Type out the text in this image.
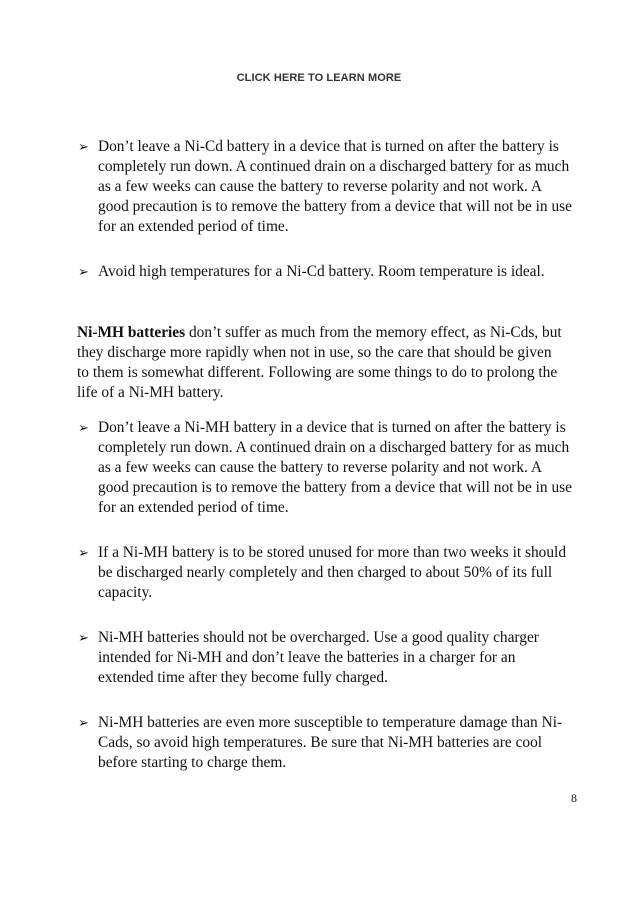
CLICK HERE TO LEARN MORE
➢ Don’t leave a Ni-Cd battery in a device that is turned on after the battery is completely run down. A continued drain on a discharged battery for as much as a few weeks can cause the battery to reverse polarity and not work. A good precaution is to remove the battery from a device that will not be in use for an extended period of time.
➢ Avoid high temperatures for a Ni-Cd battery. Room temperature is ideal.

Ni-MH batteries don’t suffer as much from the memory effect, as Ni-Cds, but they discharge more rapidly when not in use, so the care that should be given to them is somewhat different. Following are some things to do to prolong the life of a Ni-MH battery.

➢ Don’t leave a Ni-MH battery in a device that is turned on after the battery is completely run down. A continued drain on a discharged battery for as much as a few weeks can cause the battery to reverse polarity and not work. A good precaution is to remove the battery from a device that will not be in use for an extended period of time.
➢ If a Ni-MH battery is to be stored unused for more than two weeks it should be discharged nearly completely and then charged to about 50% of its full capacity.
➢ Ni-MH batteries should not be overcharged. Use a good quality charger intended for Ni-MH and don’t leave the batteries in a charger for an extended time after they become fully charged.
➢ Ni-MH batteries are even more susceptible to temperature damage than Ni-Cads, so avoid high temperatures. Be sure that Ni-MH batteries are cool before starting to charge them.
8
